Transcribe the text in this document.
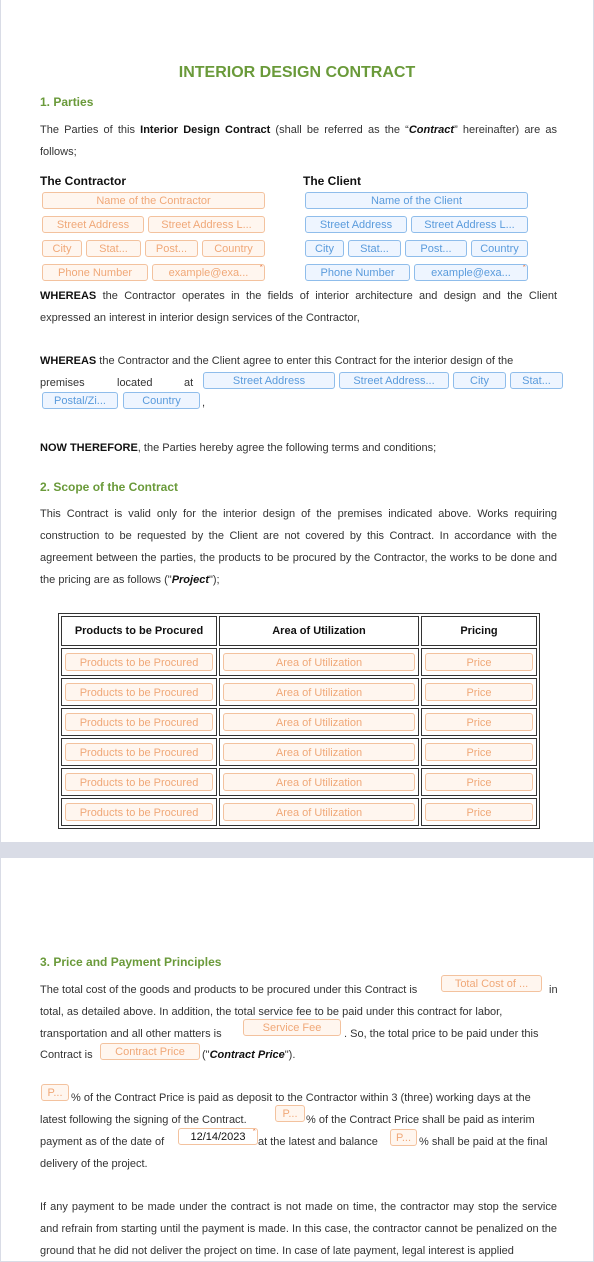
INTERIOR DESIGN CONTRACT
1. Parties
The Parties of this Interior Design Contract (shall be referred as the “Contract” hereinafter) are as follows;
The Contractor	The Client
Name of the Contractor
Street Address	Street Address L...
City	Stat...	Post...	Country
Phone Number	example@exa... *
Name of the Client
Street Address	Street Address L...
City	Stat...	Post...	Country
Phone Number	example@exa... *
WHEREAS the Contractor operates in the fields of interior architecture and design and the Client expressed an interest in interior design services of the Contractor,
WHEREAS the Contractor and the Client agree to enter this Contract for the interior design of the
premises	located	at	Street Address	Street Address...	City	Stat...
Postal/Zi...	Country	,
NOW THEREFORE, the Parties hereby agree the following terms and conditions;
2. Scope of the Contract
This Contract is valid only for the interior design of the premises indicated above. Works requiring construction to be requested by the Client are not covered by this Contract. In accordance with the agreement between the parties, the products to be procured by the Contractor, the works to be done and the pricing are as follows ("Project");
Products to be Procured	Area of Utilization	Pricing

Products to be Procured	Area of Utilization	Price

Products to be Procured	Area of Utilization	Price

Products to be Procured	Area of Utilization	Price

Products to be Procured	Area of Utilization	Price

Products to be Procured	Area of Utilization	Price

Products to be Procured	Area of Utilization	Price
3. Price and Payment Principles
The total cost of the goods and products to be procured under this Contract is	Total Cost of ...	in
total, as detailed above. In addition, the total service fee to be paid under this contract for labor,
transportation and all other matters is	Service Fee	. So, the total price to be paid under this
Contract is	Contract Price	("Contract Price").
P... % of the Contract Price is paid as deposit to the Contractor within 3 (three) working days at the
latest following the signing of the Contract.	P... % of the Contract Price shall be paid as interim
payment as of the date of	12/14/2023 *	at the latest and balance	P... % shall be paid at the final
delivery of the project.
If any payment to be made under the contract is not made on time, the contractor may stop the service and refrain from starting until the payment is made. In this case, the contractor cannot be penalized on the ground that he did not deliver the project on time. In case of late payment, legal interest is applied
